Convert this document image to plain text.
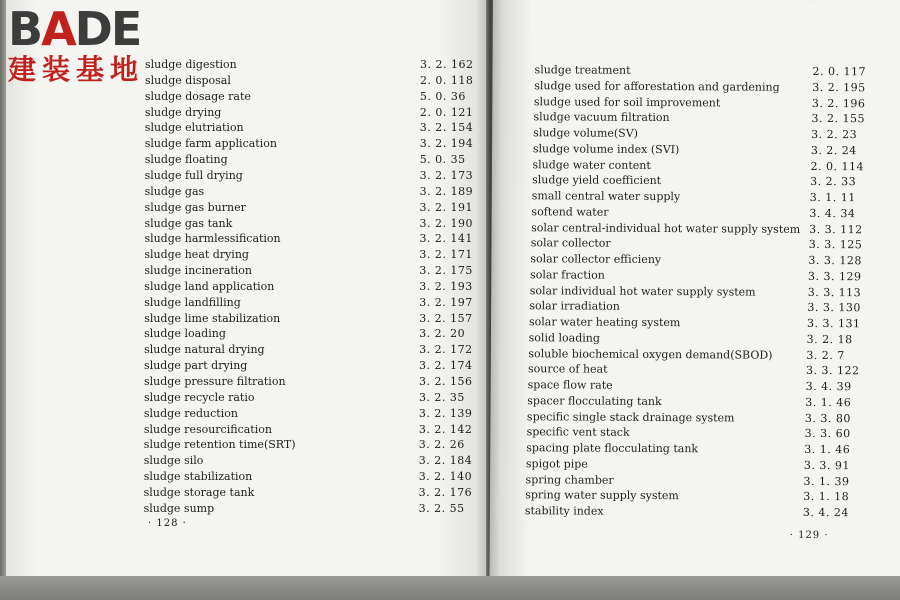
sludge digestion	3. 2. 162
sludge disposal	2. 0. 118
sludge dosage rate	5. 0. 36
sludge drying	2. 0. 121
sludge elutriation	3. 2. 154
sludge farm application	3. 2. 194
sludge floating	5. 0. 35
sludge full drying	3. 2. 173
sludge gas	3. 2. 189
sludge gas burner	3. 2. 191
sludge gas tank	3. 2. 190
sludge harmlessification	3. 2. 141
sludge heat drying	3. 2. 171
sludge incineration	3. 2. 175
sludge land application	3. 2. 193
sludge landfilling	3. 2. 197
sludge lime stabilization	3. 2. 157
sludge loading	3. 2. 20
sludge natural drying	3. 2. 172
sludge part drying	3. 2. 174
sludge pressure filtration	3. 2. 156
sludge recycle ratio	3. 2. 35
sludge reduction	3. 2. 139
sludge resourcification	3. 2. 142
sludge retention time(SRT)	3. 2. 26
sludge silo	3. 2. 184
sludge stabilization	3. 2. 140
sludge storage tank	3. 2. 176
sludge sump	3. 2. 55
· 128 ·
sludge treatment	2. 0. 117
sludge used for afforestation and gardening	3. 2. 195
sludge used for soil improvement	3. 2. 196
sludge vacuum filtration	3. 2. 155
sludge volume(SV)	3. 2. 23
sludge volume index (SVI)	3. 2. 24
sludge water content	2. 0. 114
sludge yield coefficient	3. 2. 33
small central water supply	3. 1. 11
softend water	3. 4. 34
solar central-individual hot water supply system 3. 3. 112
solar collector	3. 3. 125
solar collector efficieny	3. 3. 128
solar fraction	3. 3. 129
solar individual hot water supply system	3. 3. 113
solar irradiation	3. 3. 130
solar water heating system	3. 3. 131
solid loading	3. 2. 18
soluble biochemical oxygen demand(SBOD)	3. 2. 7
source of heat	3. 3. 122
space flow rate	3. 4. 39
spacer flocculating tank	3. 1. 46
specific single stack drainage system	3. 3. 80
specific vent stack	3. 3. 60
spacing plate flocculating tank	3. 1. 46
spigot pipe	3. 3. 91
spring chamber	3. 1. 39
spring water supply system	3. 1. 18
stability index	3. 4. 24
· 129 ·
BADE
建装基地
